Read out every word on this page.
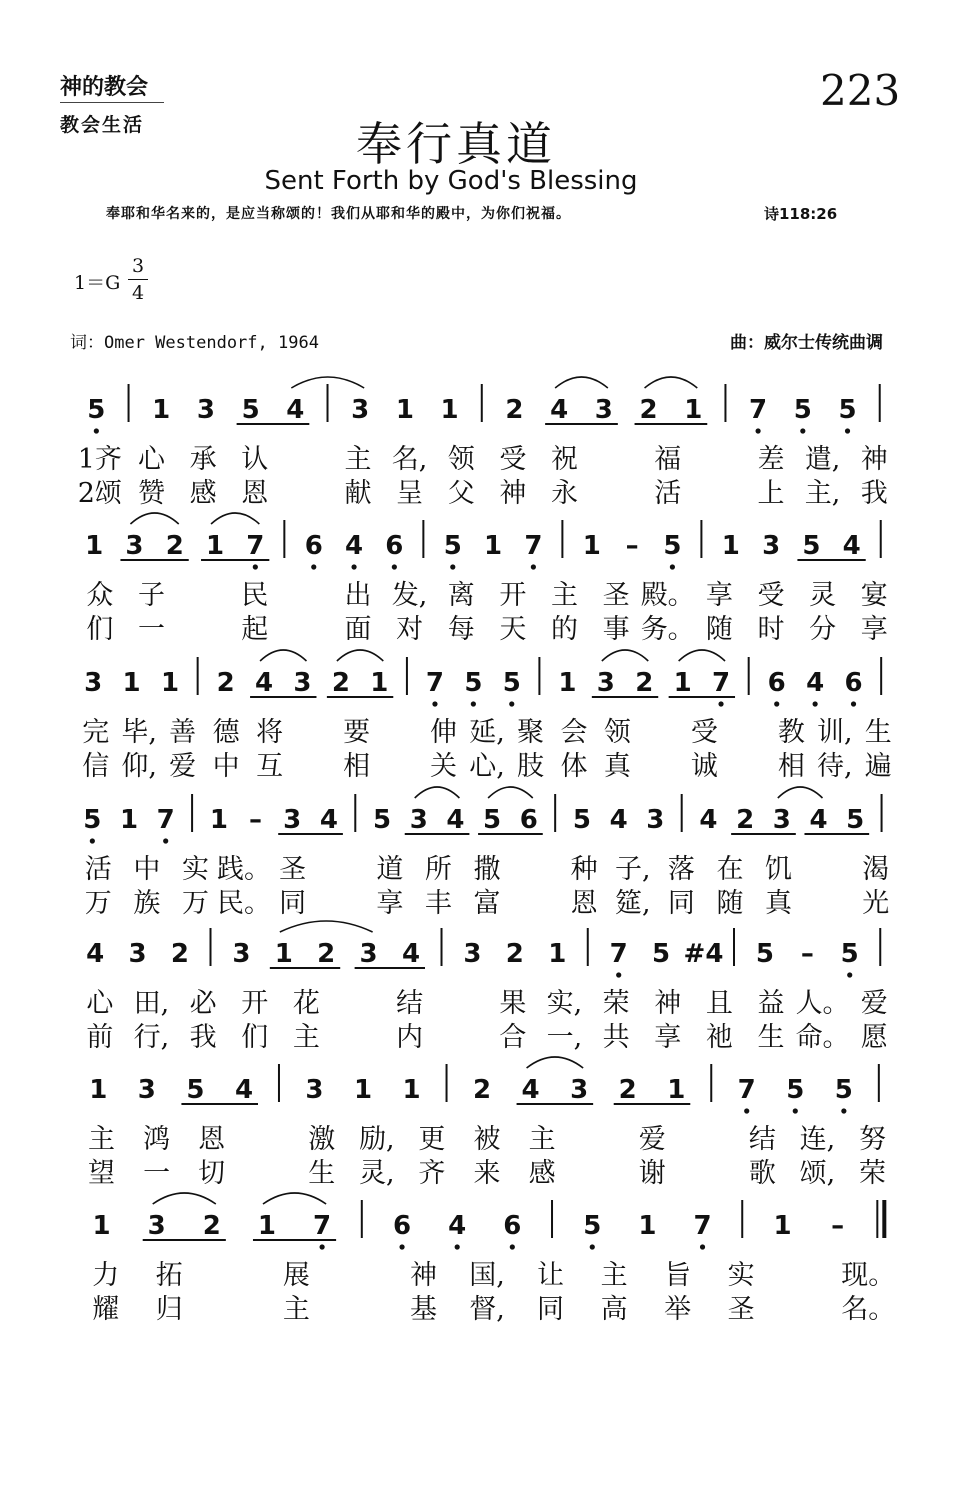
神的教会
教会生活
223
奉行真道
Sent Forth by God's Blessing
奉耶和华名来的，是应当称颂的！我们从耶和华的殿中，为你们祝福。	诗118:26
1＝G
3
4
词：Omer Westendorf, 1964	曲：威尔士传统曲调
5 1 3 5 4 3 1 1 2 4 3 2 1 7 5 5
1齐 心 承 认	主 名, 领 受 祝	福	差 遣, 神
2颂 赞 感 恩	献 呈 父 神 永	活	上 主, 我
1 3 2 1 7 6 4 6 5 1 7 1 – 5 1 3 5 4
众 子	民	出 发, 离 开 主 圣 殿。 享 受 灵 宴
们 一	起	面 对 每 天 的 事 务。 随 时 分 享
3 1 1 2 4 3 2 1 7 5 5 1 3 2 1 7 6 4 6
完 毕, 善 德 将 要 伸 延, 聚 会 领 受 教 训, 生
信 仰, 爱 中 互 相 关 心, 肢 体 真 诚 相 待, 遍
5 1 7 1 – 3 4 5 3 4 5 6 5 4 3 4 2 3 4 5
活 中 实 践。 圣	道 所 撒	种 子, 落 在 饥	渴
万 族 万 民。 同	享 丰 富	恩 筵, 同 随 真	光
4 3 2 3 1 2 3 4 3 2 1 7 5 #4 5 – 5
心 田, 必 开 花	结	果 实, 荣 神 且 益 人。 爱
前 行, 我 们 主	内	合 一, 共 享 祂 生 命。 愿
1 3 5 4 3 1 1 2 4 3 2 1 7 5 5
主 鸿 恩	激 励, 更 被 主	爱	结 连, 努
望 一 切	生 灵, 齐 来 感	谢	歌 颂, 荣
1 3 2 1 7 6 4 6 5 1 7 1 –
力 拓	展	神 国, 让 主 旨 实	现。
耀 归	主	基 督, 同 高 举 圣	名。
